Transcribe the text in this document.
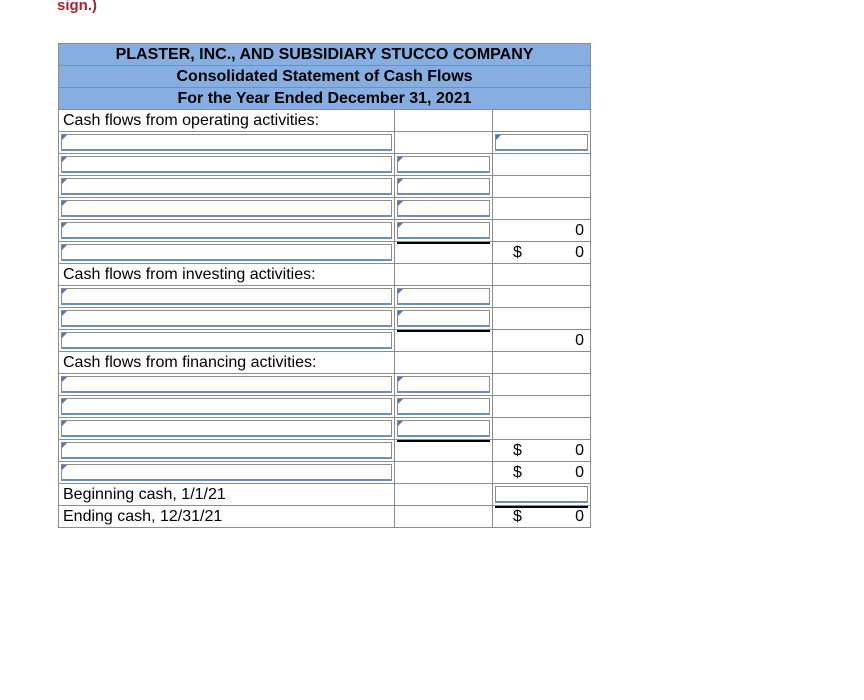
sign.)
PLASTER, INC., AND SUBSIDIARY STUCCO COMPANY		
Consolidated Statement of Cash Flows		
For the Year Ended December 31, 2021		
Cash flows from operating activities:		

		0

		$ 0

Cash flows from investing activities:		

		0

Cash flows from financing activities:		

		$ 0

		$ 0

Beginning cash, 1/1/21		

Ending cash, 12/31/21		$ 0
